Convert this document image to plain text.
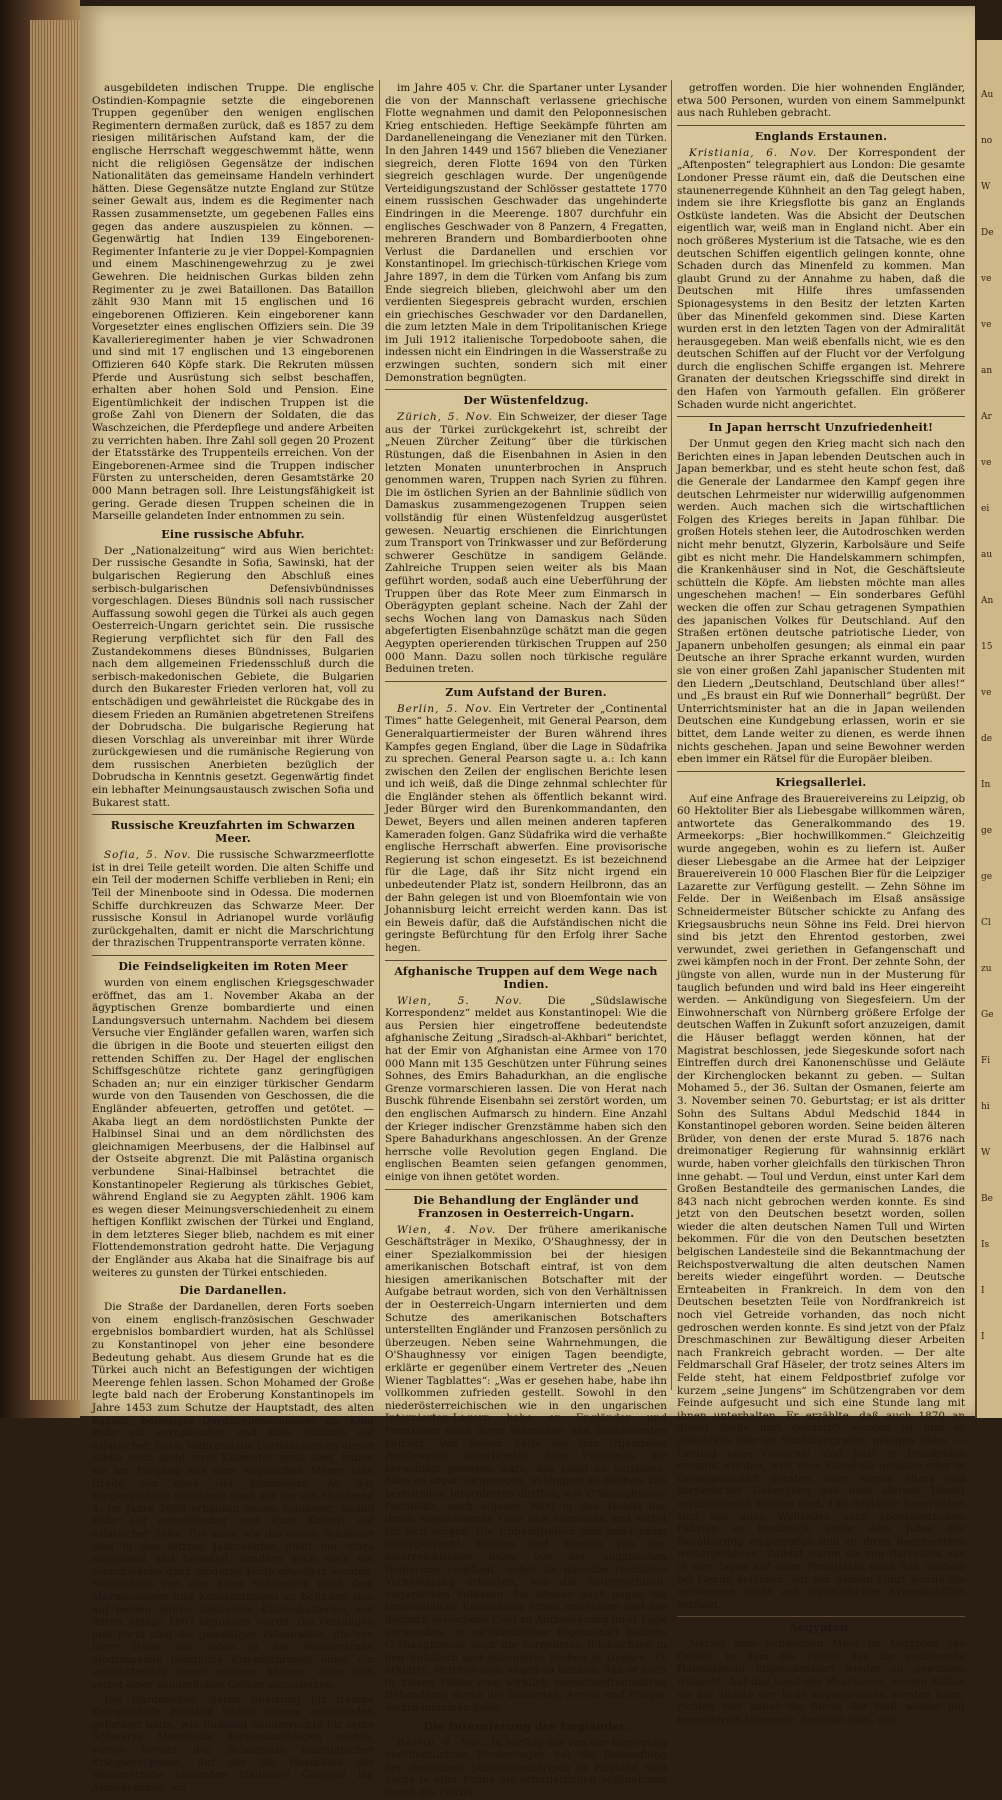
ausgebildeten indischen Truppe. Die englische Ostindien-Kompagnie setzte die eingeborenen Truppen gegenüber den wenigen englischen Regimentern dermaßen zurück, daß es 1857 zu dem riesigen militärischen Aufstand kam, der die englische Herrschaft weggeschwemmt hätte, wenn nicht die religiösen Gegensätze der indischen Nationalitäten das gemeinsame Handeln verhindert hätten. Diese Gegensätze nutzte England zur Stütze seiner Gewalt aus, indem es die Regimenter nach Rassen zusammensetzte, um gegebenen Falles eins gegen das andere auszuspielen zu können. — Gegenwärtig hat Indien 139 Eingeborenen-Regimenter Infanterie zu je vier Doppel-Kompagnien und einem Maschinengewehrzug zu je zwei Gewehren. Die heidnischen Gurkas bilden zehn Regimenter zu je zwei Bataillonen. Das Bataillon zählt 930 Mann mit 15 englischen und 16 eingeborenen Offizieren. Kein eingeborener kann Vorgesetzter eines englischen Offiziers sein. Die 39 Kavallerieregimenter haben je vier Schwadronen und sind mit 17 englischen und 13 eingeborenen Offizieren 640 Köpfe stark. Die Rekruten müssen Pferde und Ausrüstung sich selbst beschaffen, erhalten aber hohen Sold und Pension. Eine Eigentümlichkeit der indischen Truppen ist die große Zahl von Dienern der Soldaten, die das Waschzeichen, die Pferdepflege und andere Arbeiten zu verrichten haben. Ihre Zahl soll gegen 20 Prozent der Etatsstärke des Truppenteils erreichen. Von der Eingeborenen-Armee sind die Truppen indischer Fürsten zu unterscheiden, deren Gesamtstärke 20 000 Mann betragen soll. Ihre Leistungsfähigkeit ist gering. Gerade diesen Truppen scheinen die in Marseille gelandeten Inder entnommen zu sein.

Eine russische Abfuhr.

Der „Nationalzeitung“ wird aus Wien berichtet: Der russische Gesandte in Sofia, Sawinski, hat der bulgarischen Regierung den Abschluß eines serbisch-bulgarischen Defensivbündnisses vorgeschlagen. Dieses Bündnis soll nach russischer Auffassung sowohl gegen die Türkei als auch gegen Oesterreich-Ungarn gerichtet sein. Die russische Regierung verpflichtet sich für den Fall des Zustandekommens dieses Bündnisses, Bulgarien nach dem allgemeinen Friedensschluß durch die serbisch-makedonischen Gebiete, die Bulgarien durch den Bukarester Frieden verloren hat, voll zu entschädigen und gewährleistet die Rückgabe des in diesem Frieden an Rumänien abgetretenen Streifens der Dobrudscha. Die bulgarische Regierung hat diesen Vorschlag als unvereinbar mit ihrer Würde zurückgewiesen und die rumänische Regierung von dem russischen Anerbieten bezüglich der Dobrudscha in Kenntnis gesetzt. Gegenwärtig findet ein lebhafter Meinungsaustausch zwischen Sofia und Bukarest statt.

Russische Kreuzfahrten im Schwarzen Meer.

Sofia, 5. Nov. Die russische Schwarzmeerflotte ist in drei Teile geteilt worden. Die alten Schiffe und ein Teil der modernen Schiffe verblieben in Reni; ein Teil der Minenboote sind in Odessa. Die modernen Schiffe durchkreuzen das Schwarze Meer. Der russische Konsul in Adrianopel wurde vorläufig zurückgehalten, damit er nicht die Marschrichtung der thrazischen Truppentransporte verraten könne.

Die Feindseligkeiten im Roten Meer

wurden von einem englischen Kriegsgeschwader eröffnet, das am 1. November Akaba an der ägyptischen Grenze bombardierte und einen Landungsversuch unternahm. Nachdem bei diesem Versuche vier Engländer gefallen waren, warfen sich die übrigen in die Boote und steuerten eiligst den rettenden Schiffen zu. Der Hagel der englischen Schiffsgeschütze richtete ganz geringfügigen Schaden an; nur ein einziger türkischer Gendarm wurde von den Tausenden von Geschossen, die die Engländer abfeuerten, getroffen und getötet. — Akaba liegt an dem nordöstlichsten Punkte der Halbinsel Sinai und an dem nördlichsten des gleichnamigen Meerbusens, der die Halbinsel auf der Ostseite abgrenzt. Die mit Palästina organisch verbundene Sinai-Halbinsel betrachtet die Konstantinopeler Regierung als türkisches Gebiet, während England sie zu Aegypten zählt. 1906 kam es wegen dieser Meinungsverschiedenheit zu einem heftigen Konflikt zwischen der Türkei und England, in dem letzteres Sieger blieb, nachdem es mit einer Flottendemonstration gedroht hatte. Die Verjagung der Engländer aus Akaba hat die Sinaifrage bis auf weiteres zu gunsten der Türkei entschieden.

Die Dardanellen.

Die Straße der Dardanellen, deren Forts soeben von einem englisch-französischen Geschwader ergebnislos bombardiert wurden, hat als Schlüssel zu Konstantinopel von jeher eine besondere Bedeutung gehabt. Aus diesem Grunde hat es die Türkei auch nicht an Befestigungen der wichtigen Meerenge fehlen lassen. Schon Mohamed der Große legte bald nach der Eroberung Konstantinopels im Jahre 1453 zum Schutze der Hauptstadt, des alten Byzanz, befestigte Dardanellenschlösser an, Kilid Bahr auf europäischer und Kale Sultanie auf asiatischer Seite. Während die Dardanellen an dieser Stelle noch nicht zwei Kilometer breit sind, haben sie am Eingang aus dem Aegäischen Meere eine Breite von etwa vier Kilometern. An der Eingangsstelle errichtete dann auf die von Mohamed 4. im Jahre 1658 erbauten neuen Schlösser, Seddil Bahr auf europäischer und Kum Kalessi auf asiatischer Seite. Die alten wie die neuen Schlösser sind in den letzten Jahrzehnten nicht nur stark ausgebaut und befestigt, sondern auch noch um verschiedene ganz moderne Forts erweitert worden. Nordöstlich von den alten Schlössern nach dem Marmarameer und Konstantinopel zu befinden sich auf beiden Seiten zahlreiche Küstenbatterien, mit deren Anlage 1867 begonnen wurde. Die Festungen und Forts sind die gewaltigen Felsenwälle, die von ihrer Höhe aus jedes in die Wasserstraße eindringende feindliche Kriegsfahrzeug unter ein vernichtendes Feuer nehmen können, ohne sich selbst einer sonderlichen Gefahr auszusetzen.

Die Dardanellen, deren Sperrung für fremde Kriegsschiffe England bisher ebenso entschieden gefordert hatte, wie Rußland Sonderrechte für seine Schwarze Meerflotte herauszuschlagen suchte, waren bereits der Schauplatz mannigfacher Kriegsereignisse. Auf der die Westküste der Wasserstraße bildenden Halbinsel Gallipoli lag Aigospotamio, wo

im Jahre 405 v. Chr. die Spartaner unter Lysander die von der Mannschaft verlassene griechische Flotte wegnahmen und damit den Peloponnesischen Krieg entschieden. Heftige Seekämpfe führten am Dardanelleneingang die Venezianer mit den Türken. In den Jahren 1449 und 1567 blieben die Venezianer siegreich, deren Flotte 1694 von den Türken siegreich geschlagen wurde. Der ungenügende Verteidigungszustand der Schlösser gestattete 1770 einem russischen Geschwader das ungehinderte Eindringen in die Meerenge. 1807 durchfuhr ein englisches Geschwader von 8 Panzern, 4 Fregatten, mehreren Brandern und Bombardierbooten ohne Verlust die Dardanellen und erschien vor Konstantinopel. Im griechisch-türkischen Kriege vom Jahre 1897, in dem die Türken vom Anfang bis zum Ende siegreich blieben, gleichwohl aber um den verdienten Siegespreis gebracht wurden, erschien ein griechisches Geschwader vor den Dardanellen, die zum letzten Male in dem Tripolitanischen Kriege im Juli 1912 italienische Torpedoboote sahen, die indessen nicht ein Eindringen in die Wasserstraße zu erzwingen suchten, sondern sich mit einer Demonstration begnügten.

Der Wüstenfeldzug.

Zürich, 5. Nov. Ein Schweizer, der dieser Tage aus der Türkei zurückgekehrt ist, schreibt der „Neuen Zürcher Zeitung“ über die türkischen Rüstungen, daß die Eisenbahnen in Asien in den letzten Monaten ununterbrochen in Anspruch genommen waren, Truppen nach Syrien zu führen. Die im östlichen Syrien an der Bahnlinie südlich von Damaskus zusammengezogenen Truppen seien vollständig für einen Wüstenfeldzug ausgerüstet gewesen. Neuartig erschienen die Einrichtungen zum Transport von Trinkwasser und zur Beförderung schwerer Geschütze in sandigem Gelände. Zahlreiche Truppen seien weiter als bis Maan geführt worden, sodaß auch eine Ueberführung der Truppen über das Rote Meer zum Einmarsch in Oberägypten geplant scheine. Nach der Zahl der sechs Wochen lang von Damaskus nach Süden abgefertigten Eisenbahnzüge schätzt man die gegen Aegypten operierenden türkischen Truppen auf 250 000 Mann. Dazu sollen noch türkische reguläre Beduinen treten.

Zum Aufstand der Buren.

Berlin, 5. Nov. Ein Vertreter der „Continental Times“ hatte Gelegenheit, mit General Pearson, dem Generalquartiermeister der Buren während ihres Kampfes gegen England, über die Lage in Südafrika zu sprechen. General Pearson sagte u. a.: Ich kann zwischen den Zeilen der englischen Berichte lesen und ich weiß, daß die Dinge zehnmal schlechter für die Engländer stehen als öffentlich bekannt wird. Jeder Bürger wird den Burenkommandanten, den Dewet, Beyers und allen meinen anderen tapferen Kameraden folgen. Ganz Südafrika wird die verhaßte englische Herrschaft abwerfen. Eine provisorische Regierung ist schon eingesetzt. Es ist bezeichnend für die Lage, daß ihr Sitz nicht irgend ein unbedeutender Platz ist, sondern Heilbronn, das an der Bahn gelegen ist und von Bloemfontain wie von Johannisburg leicht erreicht werden kann. Das ist ein Beweis dafür, daß die Aufständischen nicht die geringste Befürchtung für den Erfolg ihrer Sache hegen.

Afghanische Truppen auf dem Wege nach Indien.

Wien, 5. Nov. Die „Südslawische Korrespondenz“ meldet aus Konstantinopel: Wie die aus Persien hier eingetroffene bedeutendste afghanische Zeitung „Siradsch-al-Akhbari“ berichtet, hat der Emir von Afghanistan eine Armee von 170 000 Mann mit 135 Geschützen unter Führung seines Sohnes, des Emirs Bahadurkhan, an die englische Grenze vormarschieren lassen. Die von Herat nach Buschk führende Eisenbahn sei zerstört worden, um den englischen Aufmarsch zu hindern. Eine Anzahl der Krieger indischer Grenzstämme haben sich den Spere Bahadurkhans angeschlossen. An der Grenze herrsche volle Revolution gegen England. Die englischen Beamten seien gefangen genommen, einige von ihnen getötet worden.

Die Behandlung der Engländer und Franzosen in Oesterreich-Ungarn.

Wien, 4. Nov. Der frühere amerikanische Geschäftsträger in Mexiko, O'Shaughnessy, der in einer Spezialkommission bei der hiesigen amerikanischen Botschaft eintraf, ist von dem hiesigen amerikanischen Botschafter mit der Aufgabe betraut worden, sich von den Verhältnissen der in Oesterreich-Ungarn internierten und dem Schutze des amerikanischen Botschafters unterstellten Engländer und Franzosen persönlich zu überzeugen. Neben seine Wahrnehmungen, die O'Shaughnessy vor einigen Tagen beendigte, erklärte er gegenüber einem Vertreter des „Neuen Wiener Tagblattes“: „Was er gesehen habe, habe ihn vollkommen zufrieden gestellt. Sowohl in den niederösterreichischen wie in den ungarischen Internierten-Lagern habe er Engländer und Franzosen nach ihren Wünschen und Beschwerden befragt. Von keiner Seite sei ihm irgendeine Beschwerde unterbreitet. Eine Franzosin, die berechtigt gewesen wäre, das Land zu verlassen, habe es sogar vorgezogen, in Ungarn zu bleiben. Die bemittelten Internierten dürften, wie O'Shaughnessy feststellte, nach eigener Wahl in den Hotels der ihnen zugewiesenen Orte sich einmieten und selbst für sich sorgen. Die Unbemittelten sind gemeinsam untergebracht worden und werden von der österreichischen bezw. von der ungarischen Regierung verpflegt, wobei sie dieselbe reichliche Verköstigung erhielten, wie die österreichisch-ungarischen Soldaten. Sie können auch gegen die landesübliche Entlohnung Arbeit annehmen und das dadurch erworbene Geld zu Aufbesserung ihrer Lage verwenden. In nichtamtlicher Eigenschaft betonte O'Shaughnessy auch die vornehmen Rücksichten in den Spitälern und internierte Serben in Ungarn. Er erklärte, er freue sich, sagen zu können, daß er auch in diesen Fällen eine wirklich menschenfreundliche Behandlung durch die Behörden, Aerzte und Pfleger wahrgenommen habe.

Die Internierung der Engländer.

Berlin, 6. Nov. In Verfolg der von der Regierung veröffentlichten Forderungen hat die Behandlung der deutschen Staatsangehörigen in England sind heute in aller Frühe die erforderlichen Maßnahmen durch die Polizei

getroffen worden. Die hier wohnenden Engländer, etwa 500 Personen, wurden von einem Sammelpunkt aus nach Ruhleben gebracht.

Englands Erstaunen.

Kristiania, 6. Nov. Der Korrespondent der „Aftenposten“ telegraphiert aus London: Die gesamte Londoner Presse räumt ein, daß die Deutschen eine staunenerregende Kühnheit an den Tag gelegt haben, indem sie ihre Kriegsflotte bis ganz an Englands Ostküste landeten. Was die Absicht der Deutschen eigentlich war, weiß man in England nicht. Aber ein noch größeres Mysterium ist die Tatsache, wie es den deutschen Schiffen eigentlich gelingen konnte, ohne Schaden durch das Minenfeld zu kommen. Man glaubt Grund zu der Annahme zu haben, daß die Deutschen mit Hilfe ihres umfassenden Spionagesystems in den Besitz der letzten Karten über das Minenfeld gekommen sind. Diese Karten wurden erst in den letzten Tagen von der Admiralität herausgegeben. Man weiß ebenfalls nicht, wie es den deutschen Schiffen auf der Flucht vor der Verfolgung durch die englischen Schiffe ergangen ist. Mehrere Granaten der deutschen Kriegsschiffe sind direkt in den Hafen von Yarmouth gefallen. Ein größerer Schaden wurde nicht angerichtet.

In Japan herrscht Unzufriedenheit!

Der Unmut gegen den Krieg macht sich nach den Berichten eines in Japan lebenden Deutschen auch in Japan bemerkbar, und es steht heute schon fest, daß die Generale der Landarmee den Kampf gegen ihre deutschen Lehrmeister nur widerwillig aufgenommen werden. Auch machen sich die wirtschaftlichen Folgen des Krieges bereits in Japan fühlbar. Die großen Hotels stehen leer, die Autodroschken werden nicht mehr benutzt, Glyzerin, Karbolsäure und Seife gibt es nicht mehr. Die Handelskammern schimpfen, die Krankenhäuser sind in Not, die Geschäftsleute schütteln die Köpfe. Am liebsten möchte man alles ungeschehen machen! — Ein sonderbares Gefühl wecken die offen zur Schau getragenen Sympathien des japanischen Volkes für Deutschland. Auf den Straßen ertönen deutsche patriotische Lieder, von Japanern unbeholfen gesungen; als einmal ein paar Deutsche an ihrer Sprache erkannt wurden, wurden sie von einer großen Zahl japanischer Studenten mit den Liedern „Deutschland, Deutschland über alles!“ und „Es braust ein Ruf wie Donnerhall“ begrüßt. Der Unterrichtsminister hat an die in Japan weilenden Deutschen eine Kundgebung erlassen, worin er sie bittet, dem Lande weiter zu dienen, es werde ihnen nichts geschehen. Japan und seine Bewohner werden eben immer ein Rätsel für die Europäer bleiben.

Kriegsallerlei.

Auf eine Anfrage des Brauereivereins zu Leipzig, ob 60 Hektoliter Bier als Liebesgabe willkommen wären, antwortete das Generalkommando des 19. Armeekorps: „Bier hochwillkommen.“ Gleichzeitig wurde angegeben, wohin es zu liefern ist. Außer dieser Liebesgabe an die Armee hat der Leipziger Brauereiverein 10 000 Flaschen Bier für die Leipziger Lazarette zur Verfügung gestellt. — Zehn Söhne im Felde. Der in Weißenbach im Elsaß ansässige Schneidermeister Bütscher schickte zu Anfang des Kriegsausbruchs neun Söhne ins Feld. Drei hiervon sind bis jetzt den Ehrentod gestorben, zwei verwundet, zwei geriethen in Gefangenschaft und zwei kämpfen noch in der Front. Der zehnte Sohn, der jüngste von allen, wurde nun in der Musterung für tauglich befunden und wird bald ins Heer eingereiht werden. — Ankündigung von Siegesfeiern. Um der Einwohnerschaft von Nürnberg größere Erfolge der deutschen Waffen in Zukunft sofort anzuzeigen, damit die Häuser beflaggt werden können, hat der Magistrat beschlossen, jede Siegeskunde sofort nach Eintreffen durch drei Kanonenschüsse und Geläute der Kirchenglocken bekannt zu geben. — Sultan Mohamed 5., der 36. Sultan der Osmanen, feierte am 3. November seinen 70. Geburtstag; er ist als dritter Sohn des Sultans Abdul Medschid 1844 in Konstantinopel geboren worden. Seine beiden älteren Brüder, von denen der erste Murad 5. 1876 nach dreimonatiger Regierung für wahnsinnig erklärt wurde, haben vorher gleichfalls den türkischen Thron inne gehabt. — Toul und Verdun, einst unter Karl dem Großen Bestandteile des germanischen Landes, die 843 nach nicht gebrochen werden konnte. Es sind jetzt von den Deutschen besetzt worden, sollen wieder die alten deutschen Namen Tull und Wirten bekommen. Für die von den Deutschen besetzten belgischen Landesteile sind die Bekanntmachung der Reichspostverwaltung die alten deutschen Namen bereits wieder eingeführt worden. — Deutsche Ernteabeiten in Frankreich. In dem von den Deutschen besetzten Teile von Nordfrankreich ist noch viel Getreide vorhanden, das noch nicht gedroschen werden konnte. Es sind jetzt von der Pfalz Dreschmaschinen zur Bewältigung dieser Arbeiten nach Frankreich gebracht worden. — Der alte Feldmarschall Graf Häseler, der trotz seines Alters im Felde steht, hat einem Feldpostbrief zufolge vor kurzem „seine Jungens“ im Schützengraben vor dem Feinde aufgesucht und sich eine Stunde lang mit ihnen unterhalten. Er erzählte, daß auch 1870 an dieser Stelle hart gekämpft worden ist und er gleichfalls hier im Schützengraben gelegen habe. — Dreißig neue Generale sind jetzt in Frankreich ernannt worden, weil viele Generale gefallen oder in Gefangenschaft geraten, oder wegen Alters und körperlicher Gebrechen aus dem aktiven Dienst verabschiedet worden sind. 150 deutsche Reservisten sind aus allen Weltteilen nach abenteuerlichen Fahrten in Innsbruck unter dem Jubel der Bevölkerung eingetroffen und zu ihren Regimentern weitergefahren. Zuletzt waren sie von Barzelona aus in vier Tagen auf einer Privatjacht nach San Stefano bei Genua gefahren, auf der ganzen Fahrt wurde die verwegene Yacht von französischen Kriegsschiffen verfolgt.

Aegypten.

Nächst dem Schwarzen Meer ist Aegypten das Gebiet, in dem die Türkei das ihr zustehende Hoheitsrecht ungeschmälert wieder zu gewinnen wünscht. Auf das Land der Pharaonen, dessen Kultur als die älteste der Erde angesprochen werden kann, richten sich daher die Blicke der Welt wieder mit besonderem Interesse. Bedenkt man, daß

Au
no
W
De
ve
ve
an
Ar
ve
ei
au
An
15
ve
de
In
ge
ge
Cl
zu
Ge
Fi
hi
W
Be
Is
I
I
